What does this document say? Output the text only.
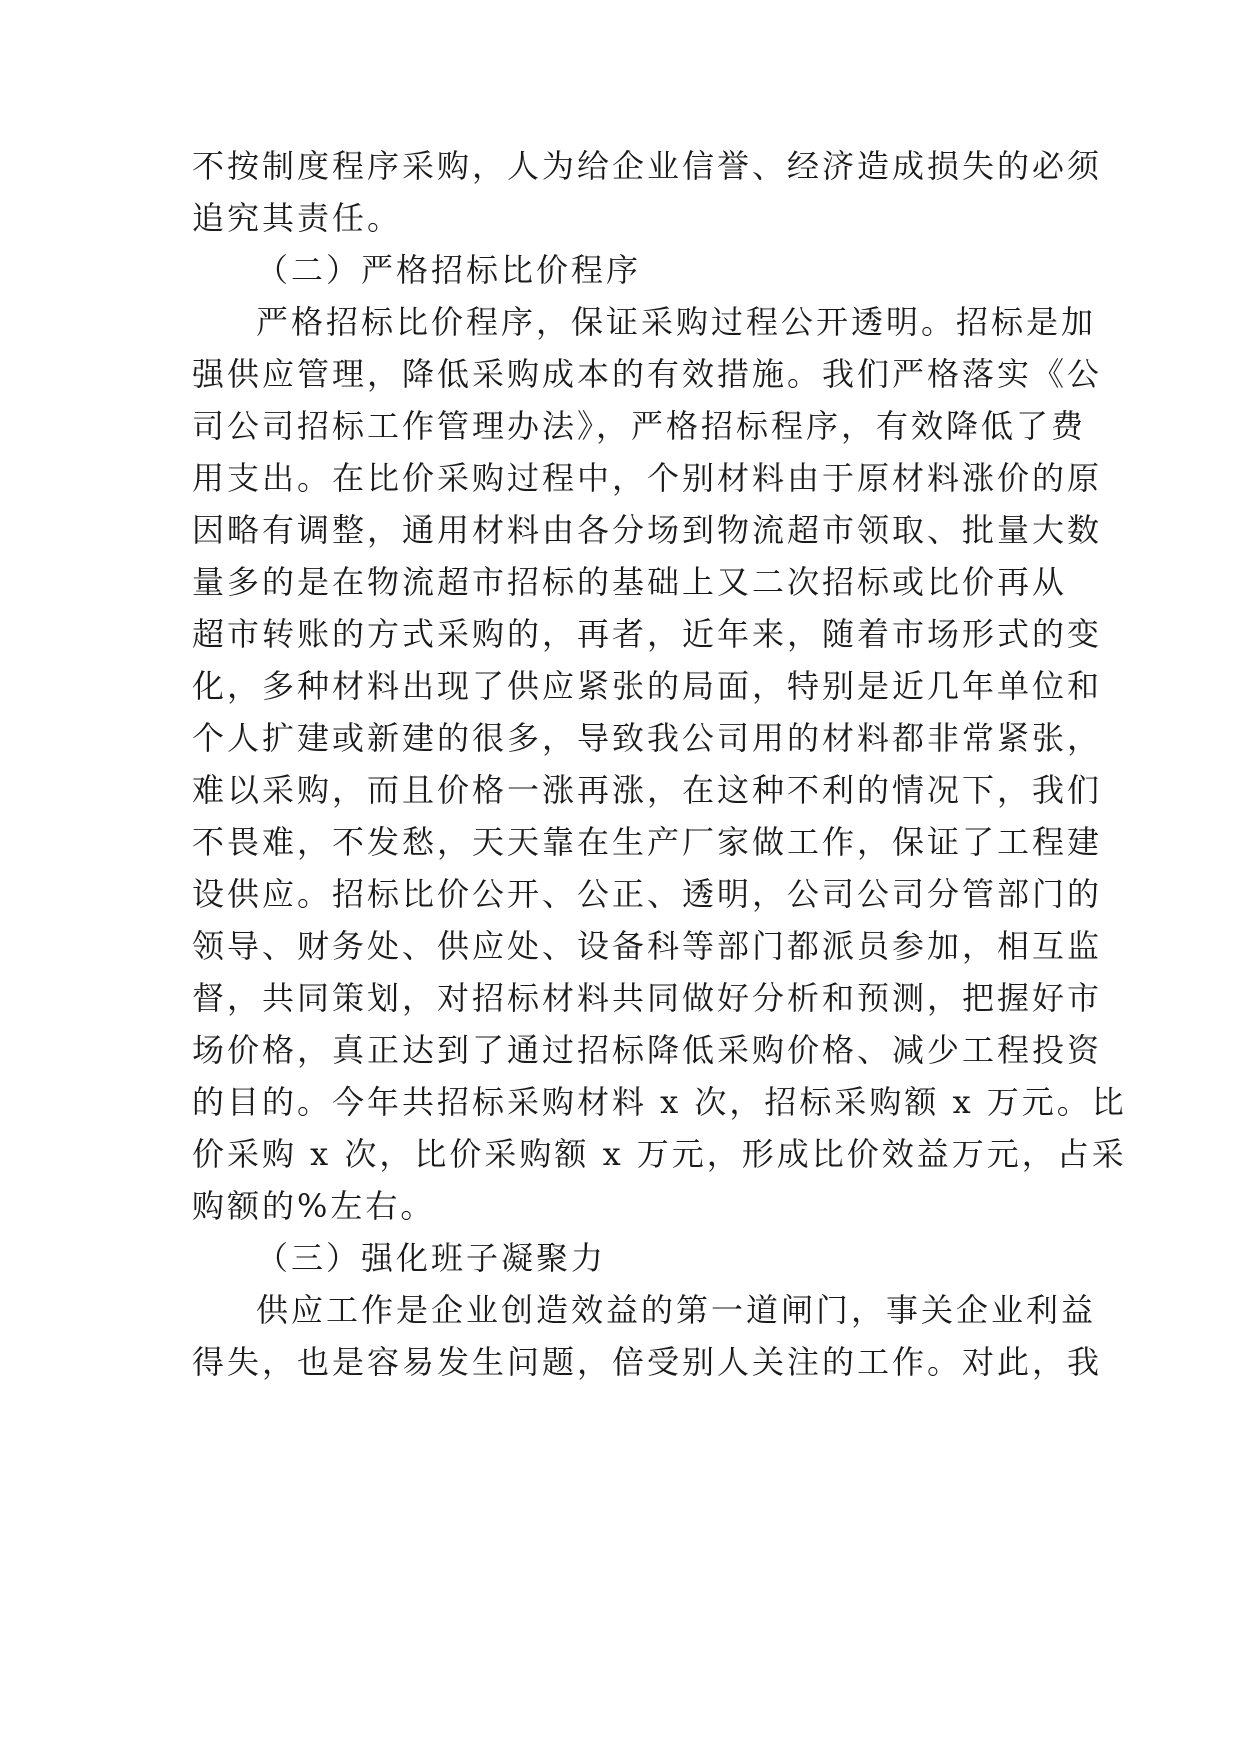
不按制度程序采购，人为给企业信誉、经济造成损失的必须
追究其责任。
（二）严格招标比价程序
严格招标比价程序，保证采购过程公开透明。招标是加
强供应管理，降低采购成本的有效措施。我们严格落实《公
司公司招标工作管理办法》，严格招标程序，有效降低了费
用支出。在比价采购过程中，个别材料由于原材料涨价的原
因略有调整，通用材料由各分场到物流超市领取、批量大数
量多的是在物流超市招标的基础上又二次招标或比价再从
超市转账的方式采购的，再者，近年来，随着市场形式的变
化，多种材料出现了供应紧张的局面，特别是近几年单位和
个人扩建或新建的很多，导致我公司用的材料都非常紧张，
难以采购，而且价格一涨再涨，在这种不利的情况下，我们
不畏难，不发愁，天天靠在生产厂家做工作，保证了工程建
设供应。招标比价公开、公正、透明，公司公司分管部门的
领导、财务处、供应处、设备科等部门都派员参加，相互监
督，共同策划，对招标材料共同做好分析和预测，把握好市
场价格，真正达到了通过招标降低采购价格、减少工程投资
的目的。今年共招标采购材料 x 次，招标采购额 x 万元。比
价采购 x 次，比价采购额 x 万元，形成比价效益万元，占采
购额的%左右。
（三）强化班子凝聚力
供应工作是企业创造效益的第一道闸门，事关企业利益
得失，也是容易发生问题，倍受别人关注的工作。对此，我
